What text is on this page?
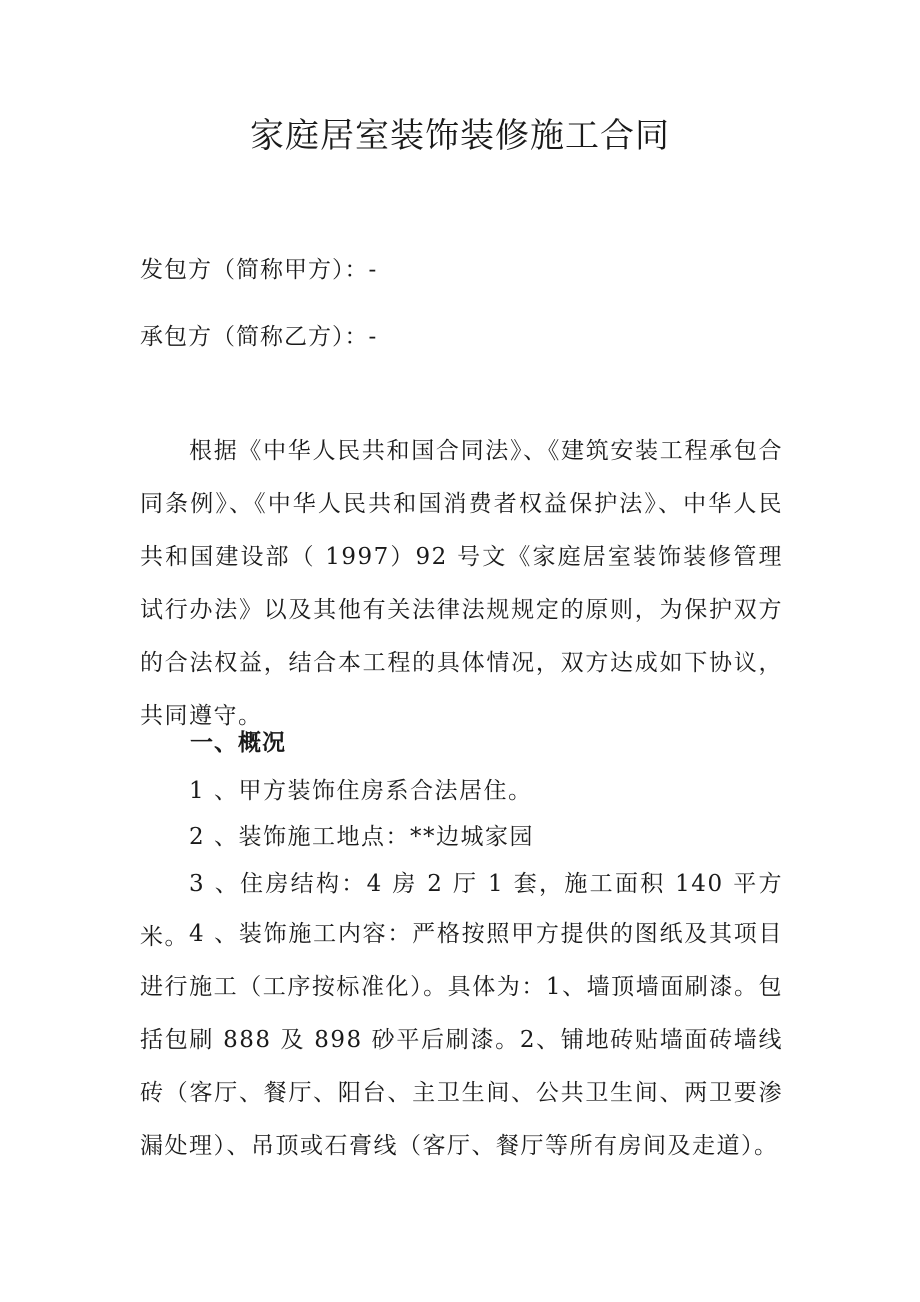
家庭居室装饰装修施工合同
发包方（简称甲方）：-
承包方（简称乙方）：-

根据《中华人民共和国合同法》、《建筑安装工程承包合同条例》、《中华人民共和国消费者权益保护法》、中华人民共和国建设部（ 1997）92 号文《家庭居室装饰装修管理试行办法》以及其他有关法律法规规定的原则，为保护双方的合法权益，结合本工程的具体情况，双方达成如下协议，共同遵守。

一、概况

1 、甲方装饰住房系合法居住。

2 、装饰施工地点：**边城家园

3 、住房结构：4 房 2 厅 1 套，施工面积 140 平方米。 4 、装饰施工内容：严格按照甲方提供的图纸及其项目进行施工（工序按标准化）。具体为：1、墙顶墙面刷漆。包括包刷 888 及 898 砂平后刷漆。2、铺地砖贴墙面砖墙线砖（客厅、餐厅、阳台、主卫生间、公共卫生间、两卫要渗漏处理）、吊顶或石膏线（客厅、餐厅等所有房间及走道）。
